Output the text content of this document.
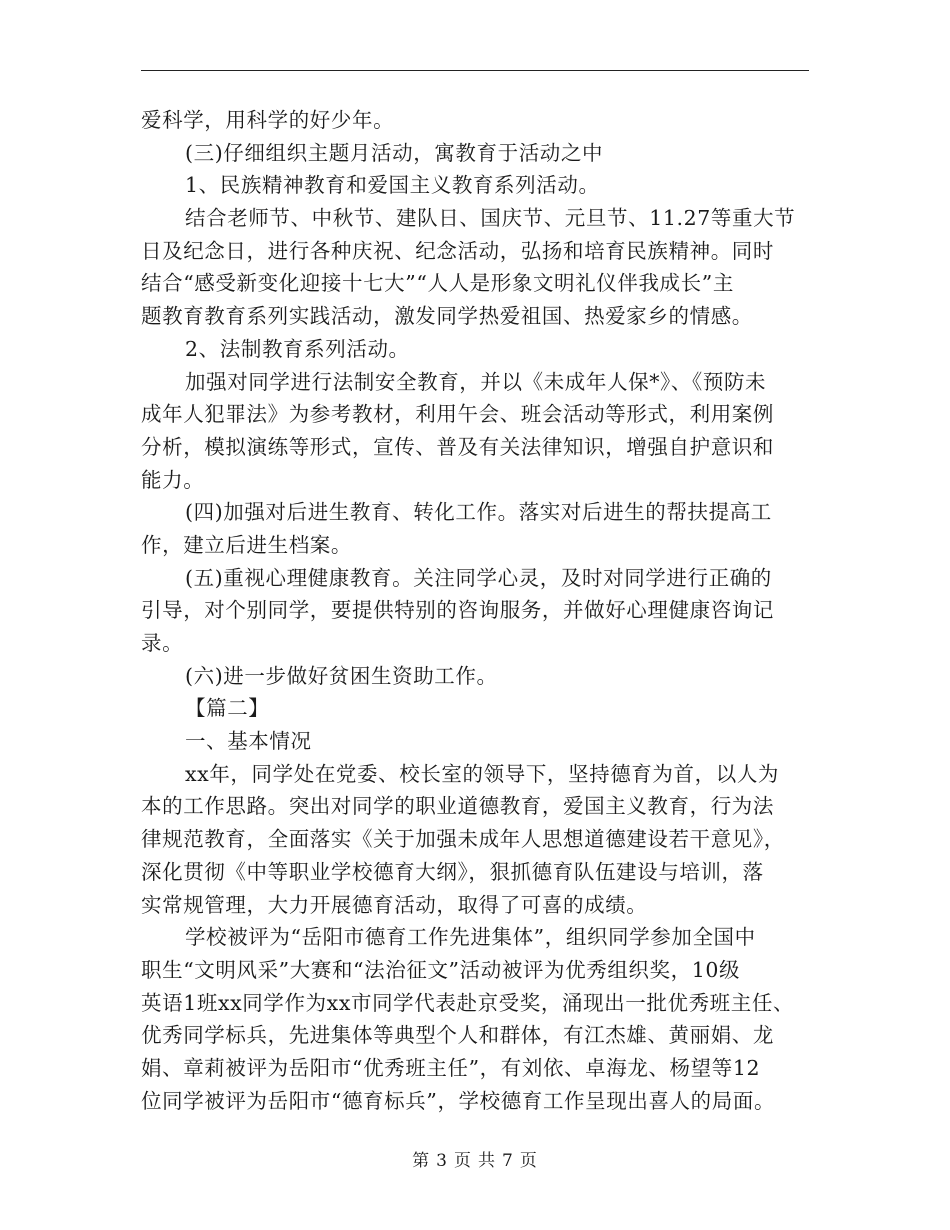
爱科学，用科学的好少年。
(三)仔细组织主题月活动，寓教育于活动之中
1、民族精神教育和爱国主义教育系列活动。
结合老师节、中秋节、建队日、国庆节、元旦节、11.27等重大节
日及纪念日，进行各种庆祝、纪念活动，弘扬和培育民族精神。同时
结合“感受新变化迎接十七大”“人人是形象文明礼仪伴我成长”主
题教育教育系列实践活动，激发同学热爱祖国、热爱家乡的情感。
2、法制教育系列活动。
加强对同学进行法制安全教育，并以《未成年人保*》、《预防未
成年人犯罪法》为参考教材，利用午会、班会活动等形式，利用案例
分析，模拟演练等形式，宣传、普及有关法律知识，增强自护意识和
能力。
(四)加强对后进生教育、转化工作。落实对后进生的帮扶提高工
作，建立后进生档案。
(五)重视心理健康教育。关注同学心灵，及时对同学进行正确的
引导，对个别同学，要提供特别的咨询服务，并做好心理健康咨询记
录。
(六)进一步做好贫困生资助工作。
【篇二】
一、基本情况
xx年，同学处在党委、校长室的领导下，坚持德育为首，以人为
本的工作思路。突出对同学的职业道德教育，爱国主义教育，行为法
律规范教育，全面落实《关于加强未成年人思想道德建设若干意见》，
深化贯彻《中等职业学校德育大纲》，狠抓德育队伍建设与培训，落
实常规管理，大力开展德育活动，取得了可喜的成绩。
学校被评为“岳阳市德育工作先进集体”，组织同学参加全国中
职生“文明风采”大赛和“法治征文”活动被评为优秀组织奖，10级
英语1班xx同学作为xx市同学代表赴京受奖，涌现出一批优秀班主任、
优秀同学标兵，先进集体等典型个人和群体，有江杰雄、黄丽娟、龙
娟、章莉被评为岳阳市“优秀班主任”，有刘依、卓海龙、杨望等12
位同学被评为岳阳市“德育标兵”，学校德育工作呈现出喜人的局面。
第 3 页 共 7 页
